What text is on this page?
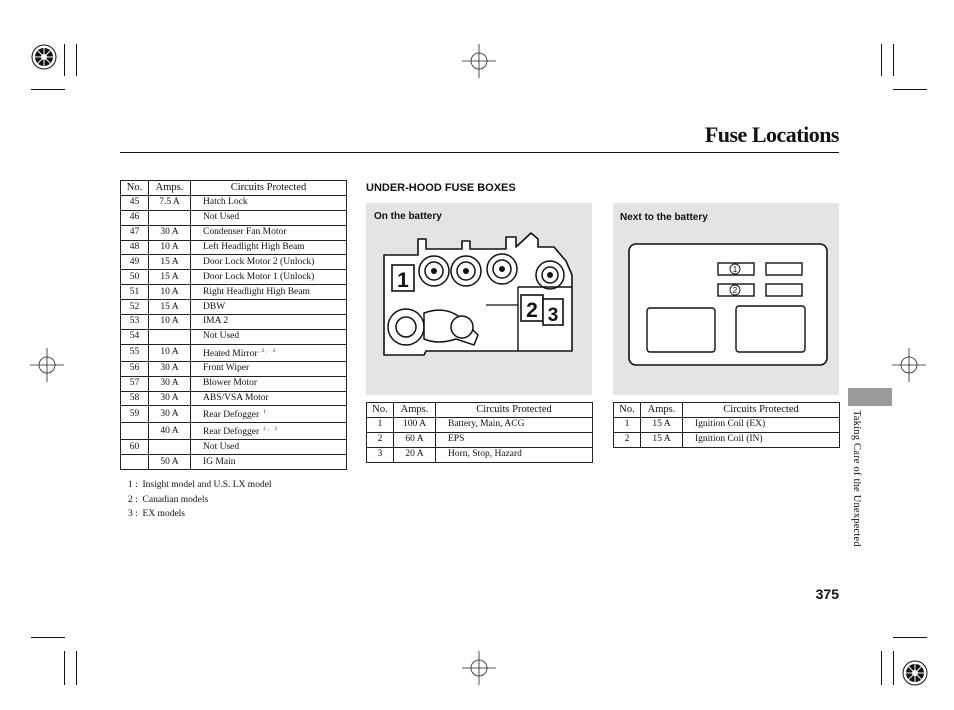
Fuse Locations
No.	Amps.	Circuits Protected
45	7.5 A	Hatch Lock
46		Not Used
47	30 A	Condenser Fan Motor
48	10 A	Left Headlight High Beam
49	15 A	Door Lock Motor 2 (Unlock)
50	15 A	Door Lock Motor 1 (Unlock)
51	10 A	Right Headlight High Beam
52	15 A	DBW
53	10 A	IMA 2
54		Not Used
55	10 A	Heated Mirror $^{2, 3}$
56	30 A	Front Wiper
57	30 A	Blower Motor
58	30 A	ABS/VSA Motor
59	30 A	Rear Defogger $^1$
	40 A	Rear Defogger $^{2, 3}$
60		Not Used
	50 A	IG Main
1 : Insight model and U.S. LX model
2 : Canadian models
3 : EX models
UNDER-HOOD FUSE BOXES
On the battery
1
2 3
Next to the battery
1
2
No.	Amps.	Circuits Protected
1	100 A	Battery, Main, ACG
2	60 A	EPS
3	20 A	Horn, Stop, Hazard
No.	Amps.	Circuits Protected
1	15 A	Ignition Coil (EX)
2	15 A	Ignition Coil (IN)	Taking Care of the Unexpected
375
